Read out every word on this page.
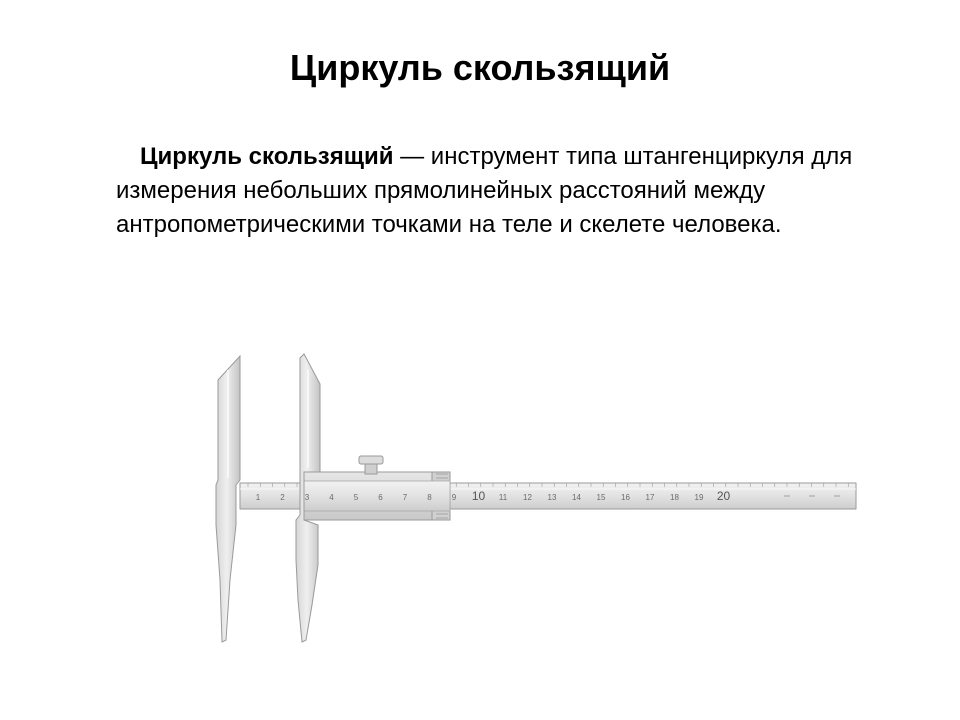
Циркуль скользящий

 Циркуль скользящий — инструмент типа штангенциркуля для измерения небольших прямолинейных расстояний между антропометрическими точками на теле и скелете человека.

1	2	3	4	5	6	7	8	9 10 11 12 13 14 15 16 17 18 19 20
